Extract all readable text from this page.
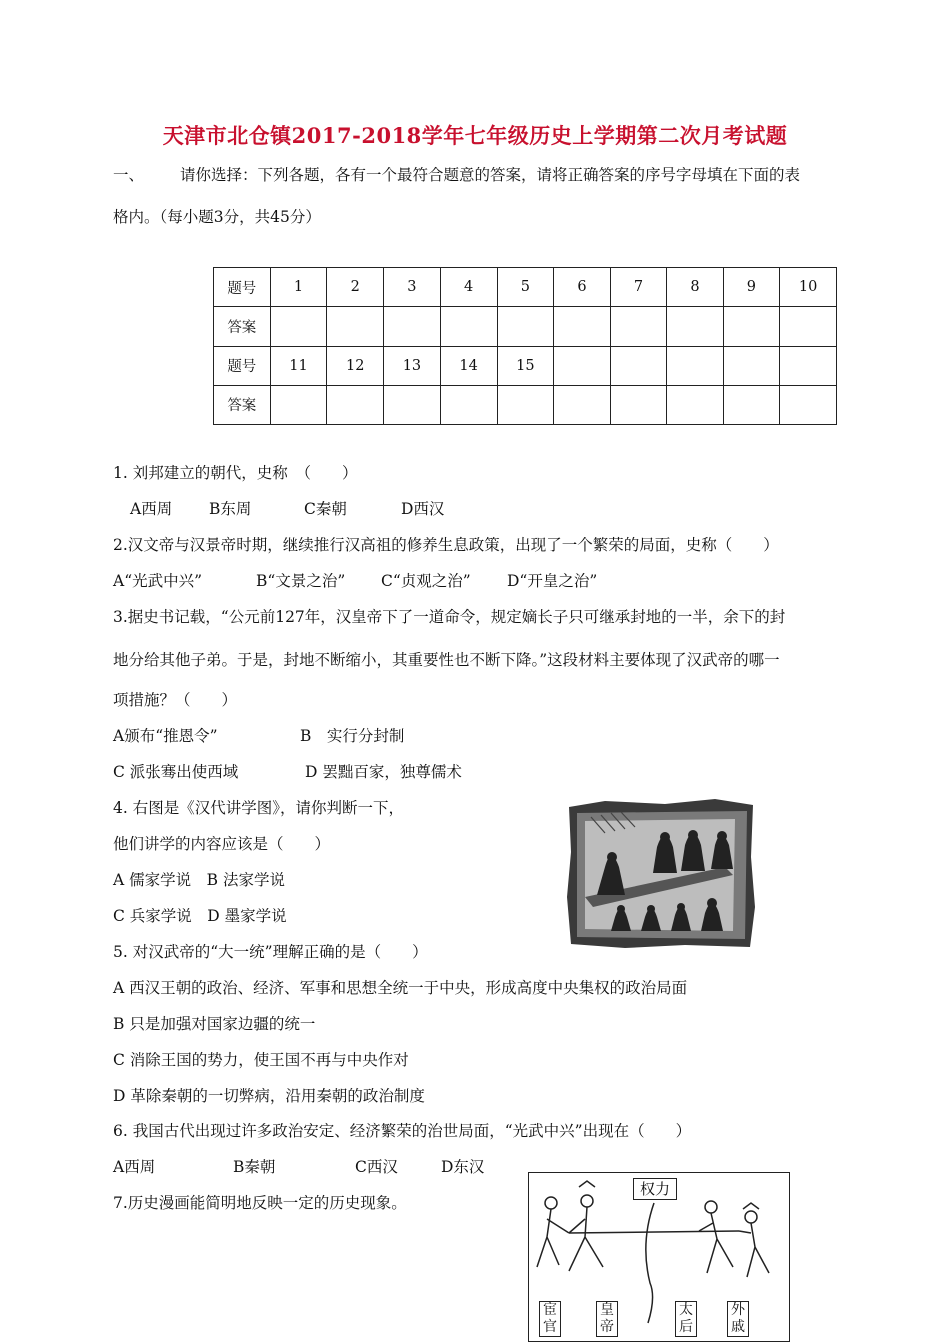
天津市北仓镇2017-2018学年七年级历史上学期第二次月考试题
一、 请你选择：下列各题，各有一个最符合题意的答案，请将正确答案的序号字母填在下面的表
格内。（每小题3分，共45分）
题号	1	2	3	4	5	6	7	8	9	10
答案										
题号	11	12	13	14	15					
答案										
1. 刘邦建立的朝代，史称　（　　）
A西周 B东周	C秦朝	D西汉
2.汉文帝与汉景帝时期，继续推行汉高祖的修养生息政策，出现了一个繁荣的局面，史称（　　）
A“光武中兴”	B“文景之治” C“贞观之治” D“开皇之治”
3.据史书记载，“公元前127年，汉皇帝下了一道命令，规定嫡长子只可继承封地的一半，余下的封
地分给其他子弟。于是，封地不断缩小，其重要性也不断下降。”这段材料主要体现了汉武帝的哪一
项措施？（　　）
A颁布“推恩令”	B　实行分封制
C 派张骞出使西域	D 罢黜百家，独尊儒术
4. 右图是《汉代讲学图》，请你判断一下，
他们讲学的内容应该是（　　）
A 儒家学说　B 法家学说
C 兵家学说　D 墨家学说
5. 对汉武帝的“大一统”理解正确的是（　　）
A 西汉王朝的政治、经济、军事和思想全统一于中央，形成高度中央集权的政治局面
B 只是加强对国家边疆的统一
C 消除王国的势力，使王国不再与中央作对
D 革除秦朝的一切弊病，沿用秦朝的政治制度
6. 我国古代出现过许多政治安定、经济繁荣的治世局面，“光武中兴”出现在（　　）
A西周	B秦朝	C西汉	D东汉
7.历史漫画能简明地反映一定的历史现象。
权力
宦
官
皇
帝
太
后
外
戚
